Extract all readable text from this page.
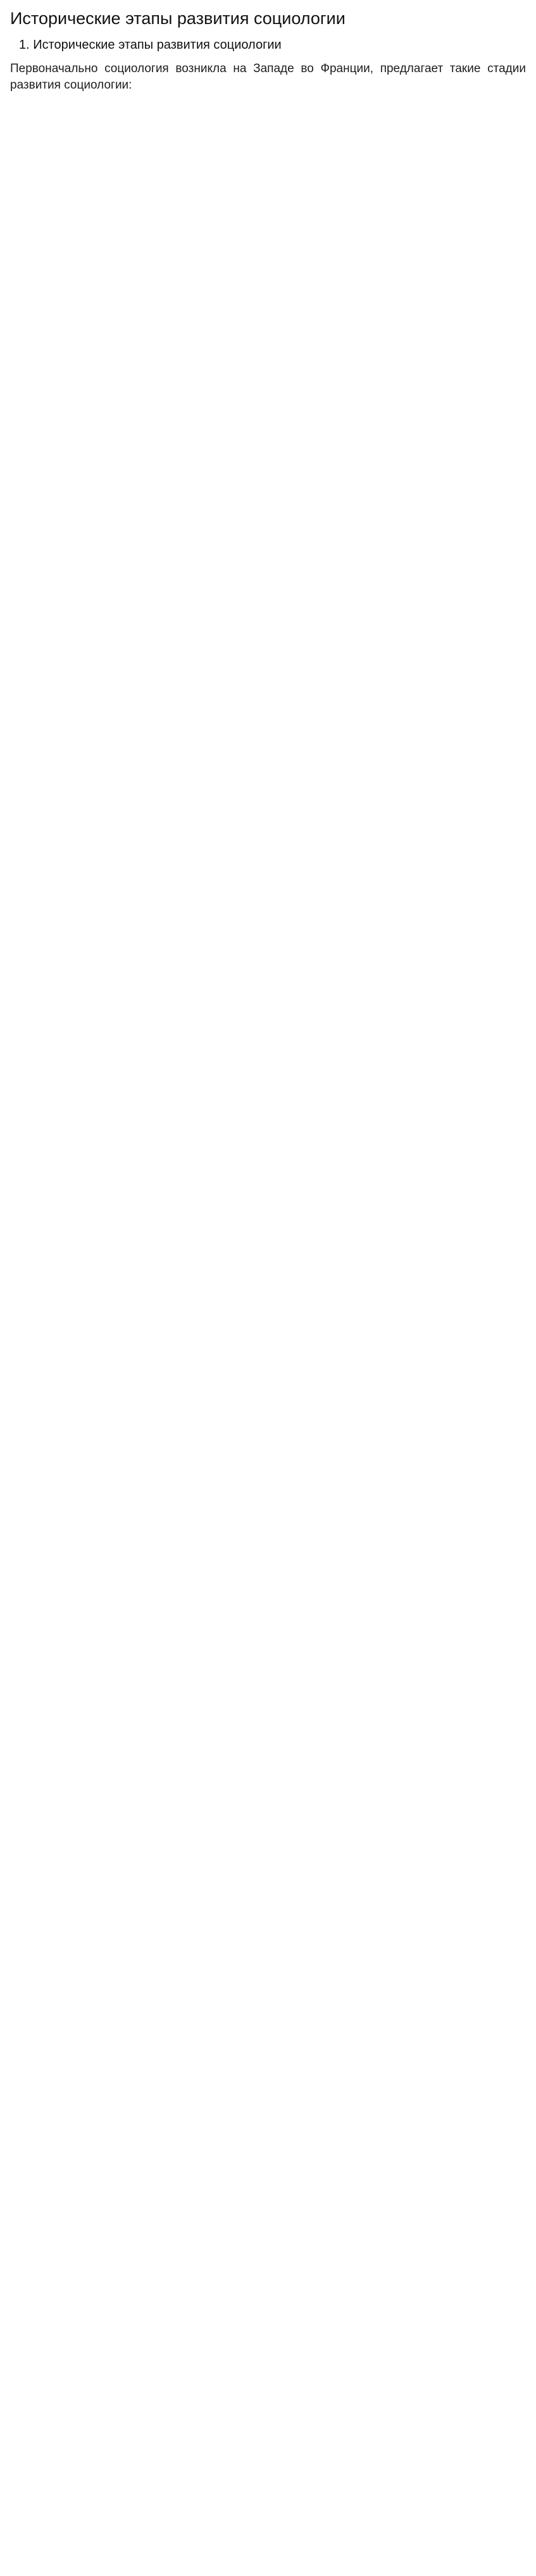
Исторические этапы развития социологии
1. Исторические этапы развития социологии

Первоначально социология возникла на Западе во Франции, предлагает такие стадии развития социологии:
